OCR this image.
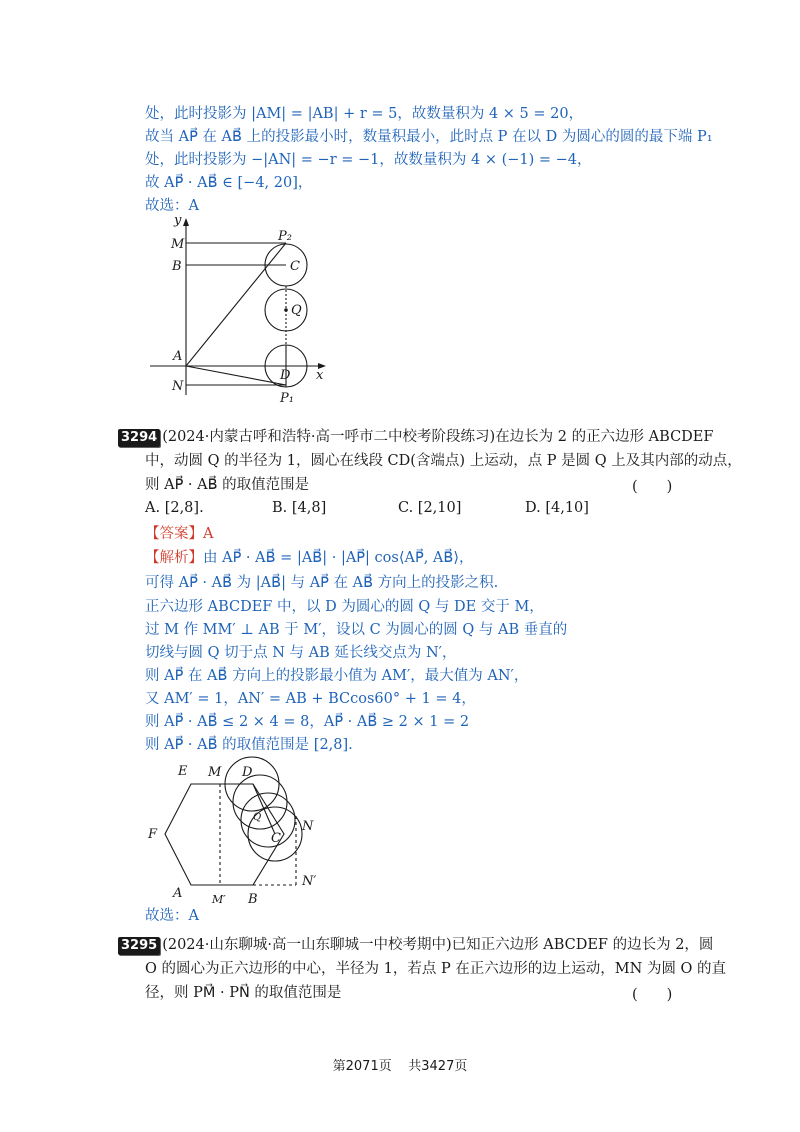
处，此时投影为 |AM| = |AB| + r = 5，故数量积为 4 × 5 = 20，
故当 AP⃗ 在 AB⃗ 上的投影最小时，数量积最小，此时点 P 在以 D 为圆心的圆的最下端 P₁
处，此时投影为 −|AN| = −r = −1，故数量积为 4 × (−1) = −4，
故 AP⃗ · AB⃗ ∈ [−4, 20]，
故选：A
y
x
M
B
A
N
P₂
C
Q
D
P₁
3294 (2024·内蒙古呼和浩特·高一呼市二中校考阶段练习)在边长为 2 的正六边形 ABCDEF
中，动圆 Q 的半径为 1，圆心在线段 CD(含端点) 上运动，点 P 是圆 Q 上及其内部的动点，
则 AP⃗ · AB⃗ 的取值范围是	(　　)
A. [2,8].	B. [4,8]	C. [2,10]	D. [4,10]
【答案】A
【解析】由 AP⃗ · AB⃗ = |AB⃗| · |AP⃗| cos⟨AP⃗, AB⃗⟩，
可得 AP⃗ · AB⃗ 为 |AB⃗| 与 AP⃗ 在 AB⃗ 方向上的投影之积.
正六边形 ABCDEF 中，以 D 为圆心的圆 Q 与 DE 交于 M，
过 M 作 MM′ ⊥ AB 于 M′，设以 C 为圆心的圆 Q 与 AB 垂直的
切线与圆 Q 切于点 N 与 AB 延长线交点为 N′，
则 AP⃗ 在 AB⃗ 方向上的投影最小值为 AM′，最大值为 AN′，
又 AM′ = 1，AN′ = AB + BCcos60° + 1 = 4，
则 AP⃗ · AB⃗ ≤ 2 × 4 = 8，AP⃗ · AB⃗ ≥ 2 × 1 = 2
则 AP⃗ · AB⃗ 的取值范围是 [2,8].
E M D
F
Q
N
C
N′
A	M′ B
故选：A
3295 (2024·山东聊城·高一山东聊城一中校考期中)已知正六边形 ABCDEF 的边长为 2，圆
O 的圆心为正六边形的中心，半径为 1，若点 P 在正六边形的边上运动，MN 为圆 O 的直
径，则 PM⃗ · PN⃗ 的取值范围是	(　　)
第2071页 共3427页
